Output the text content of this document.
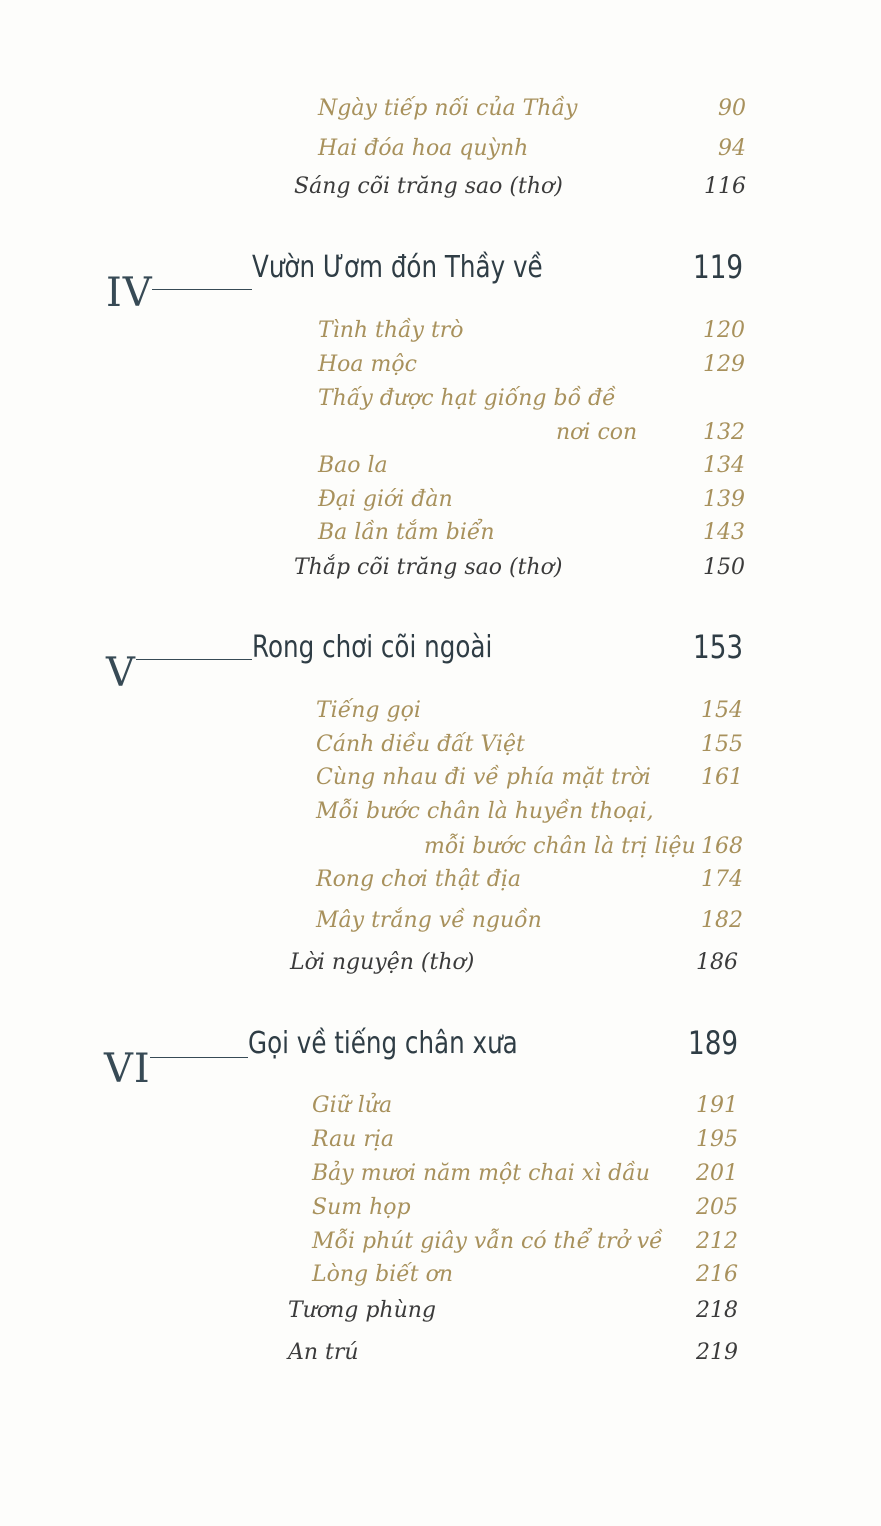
Ngày tiếp nối của Thầy	90
Hai đóa hoa quỳnh	94
Sáng cõi trăng sao (thơ)	116
IV
Vườn Ươm đón Thầy về	119
Tình thầy trò	120
Hoa mộc	129
Thấy được hạt giống bồ đề
nơi con	132
Bao la	134
Đại giới đàn	139
Ba lần tắm biển	143
Thắp cõi trăng sao (thơ)	150
V
Rong chơi cõi ngoài	153
Tiếng gọi	154
Cánh diều đất Việt	155
Cùng nhau đi về phía mặt trời 161
Mỗi bước chân là huyền thoại,
mỗi bước chân là trị liệu 168
Rong chơi thật địa	174
Mây trắng về nguồn	182
Lời nguyện (thơ)	186
VI
Gọi về tiếng chân xưa	189
Giữ lửa	191
Rau rịa	195
Bảy mươi năm một chai xì dầu 201
Sum họp	205
Mỗi phút giây vẫn có thể trở về 212
Lòng biết ơn	216
Tương phùng	218
An trú	219
